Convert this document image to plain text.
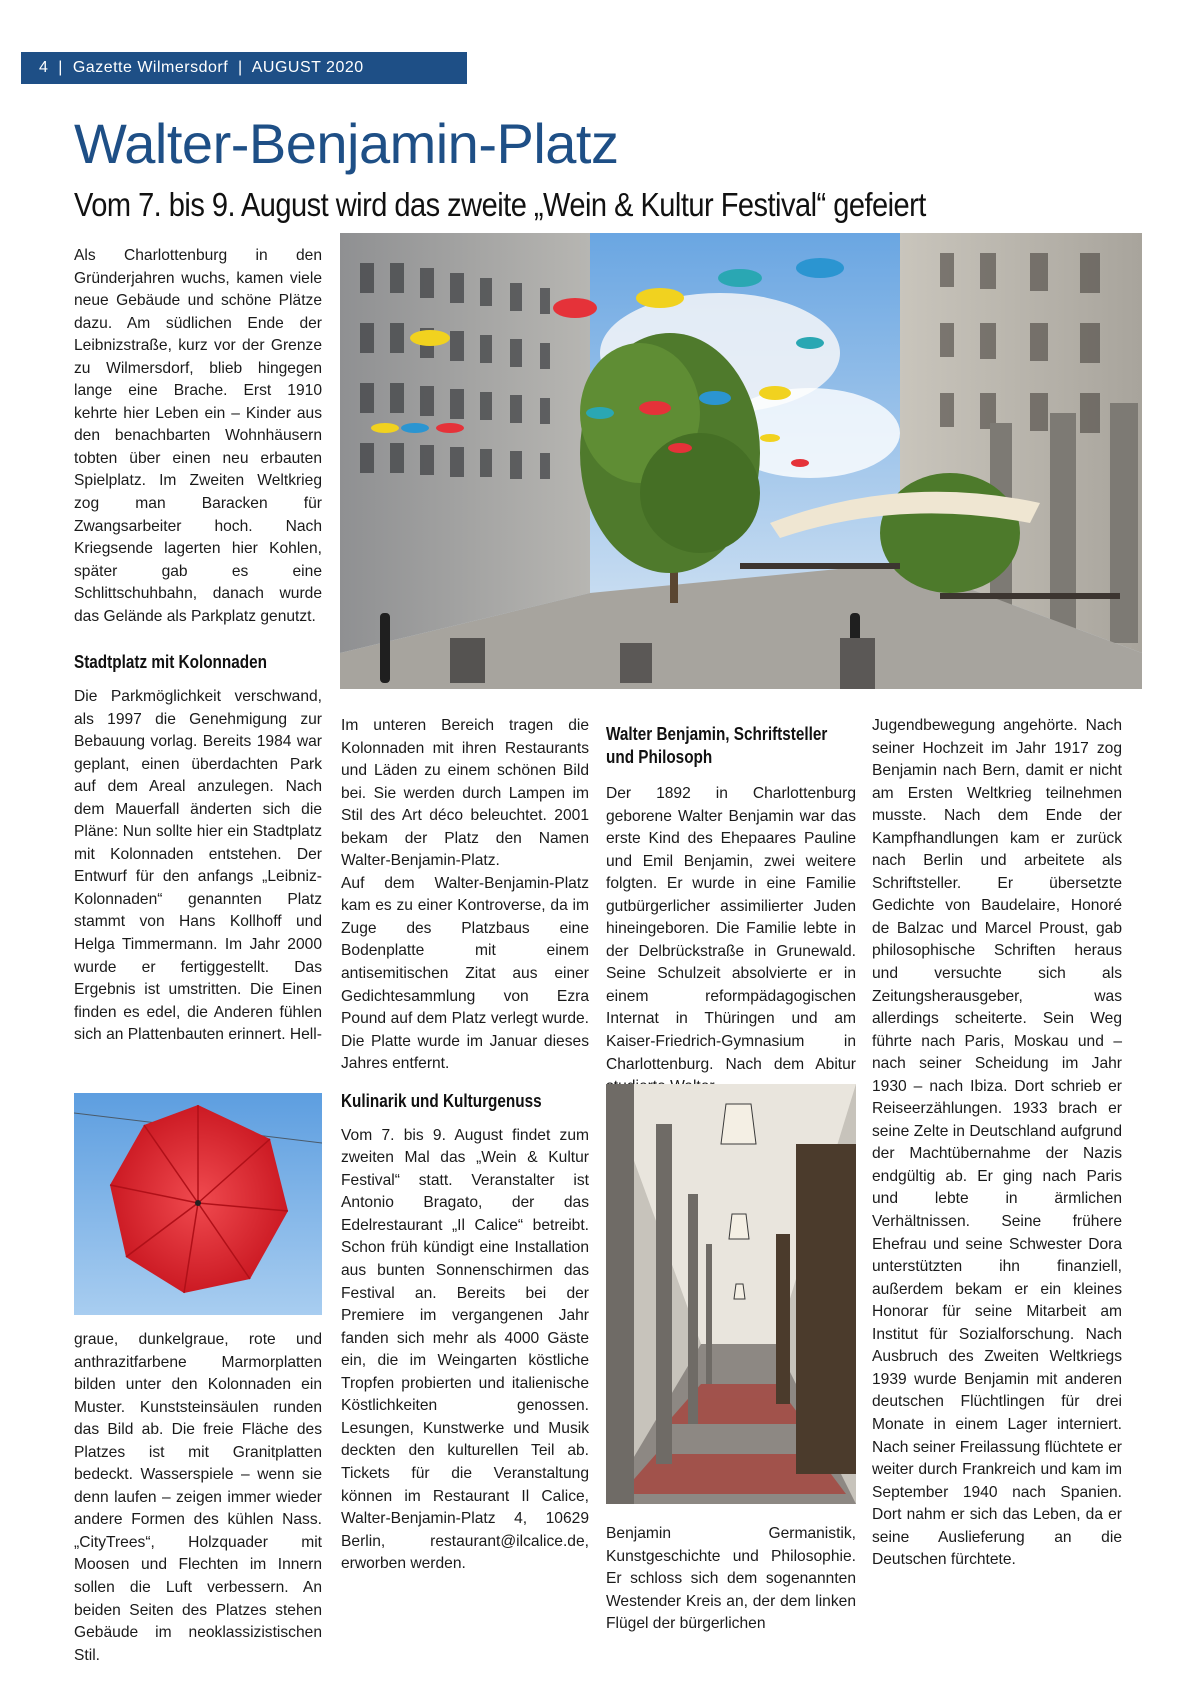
4 | Gazette Wilmersdorf | AUGUST 2020
Walter-Benjamin-Platz
Vom 7. bis 9. August wird das zweite „Wein & Kultur Festival“ gefeiert

Als Charlottenburg in den Gründerjahren wuchs, kamen viele neue Gebäude und schöne Plätze dazu. Am südlichen Ende der Leibnizstraße, kurz vor der Grenze zu Wilmersdorf, blieb hingegen lange eine Brache. Erst 1910 kehrte hier Leben ein – Kinder aus den benachbarten Wohnhäusern tobten über einen neu erbauten Spielplatz. Im Zweiten Weltkrieg zog man Baracken für Zwangsarbeiter hoch. Nach Kriegsende lagerten hier Kohlen, später gab es eine Schlittschuhbahn, danach wurde das Gelände als Parkplatz genutzt.

Stadtplatz mit Kolonnaden

Die Parkmöglichkeit verschwand, als 1997 die Genehmigung zur Bebauung vorlag. Bereits 1984 war geplant, einen überdachten Park auf dem Areal anzulegen. Nach dem Mauerfall änderten sich die Pläne: Nun sollte hier ein Stadtplatz mit Kolonnaden entstehen. Der Entwurf für den anfangs „Leibniz-Kolonnaden“ genannten Platz stammt von Hans Kollhoff und Helga Timmermann. Im Jahr 2000 wurde er fertiggestellt. Das Ergebnis ist umstritten. Die Einen finden es edel, die Anderen fühlen sich an Plattenbauten erinnert. Hell-

graue, dunkelgraue, rote und anthrazitfarbene Marmorplatten bilden unter den Kolonnaden ein Muster. Kunststeinsäulen runden das Bild ab. Die freie Fläche des Platzes ist mit Granitplatten bedeckt. Wasserspiele – wenn sie denn laufen – zeigen immer wieder andere Formen des kühlen Nass. „CityTrees“, Holzquader mit Moosen und Flechten im Innern sollen die Luft verbessern. An beiden Seiten des Platzes stehen Gebäude im neoklassizistischen Stil.

Im unteren Bereich tragen die Kolonnaden mit ihren Restaurants und Läden zu einem schönen Bild bei. Sie werden durch Lampen im Stil des Art déco beleuchtet. 2001 bekam der Platz den Namen Walter-Benjamin-Platz.

Auf dem Walter-Benjamin-Platz kam es zu einer Kontroverse, da im Zuge des Platzbaus eine Bodenplatte mit einem antisemitischen Zitat aus einer Gedichtesammlung von Ezra Pound auf dem Platz verlegt wurde. Die Platte wurde im Januar dieses Jahres entfernt.

Kulinarik und Kulturgenuss

Vom 7. bis 9. August findet zum zweiten Mal das „Wein & Kultur Festival“ statt. Veranstalter ist Antonio Bragato, der das Edelrestaurant „Il Calice“ betreibt. Schon früh kündigt eine Installation aus bunten Sonnenschirmen das Festival an. Bereits bei der Premiere im vergangenen Jahr fanden sich mehr als 4000 Gäste ein, die im Weingarten köstliche Tropfen probierten und italienische Köstlichkeiten genossen. Lesungen, Kunstwerke und Musik deckten den kulturellen Teil ab. Tickets für die Veranstaltung können im Restaurant Il Calice, Walter-Benjamin-Platz 4, 10629 Berlin, restaurant@ilcalice.de, erworben werden.

Walter Benjamin, Schriftsteller
und Philosoph

Der 1892 in Charlottenburg geborene Walter Benjamin war das erste Kind des Ehepaares Pauline und Emil Benjamin, zwei weitere folgten. Er wurde in eine Familie gutbürgerlicher assimilierter Juden hineingeboren. Die Familie lebte in der Delbrückstraße in Grunewald. Seine Schulzeit absolvierte er in einem reformpädagogischen Internat in Thüringen und am Kaiser-Friedrich-Gymnasium in Charlottenburg. Nach dem Abitur

Benjamin Germanistik, Kunstgeschichte und Philosophie. Er schloss sich dem sogenannten Westender Kreis an, der dem linken Flügel der bürgerlichen

Jugendbewegung angehörte. Nach seiner Hochzeit im Jahr 1917 zog Benjamin nach Bern, damit er nicht am Ersten Weltkrieg teilnehmen musste. Nach dem Ende der Kampfhandlungen kam er zurück nach Berlin und arbeitete als Schriftsteller. Er übersetzte Gedichte von Baudelaire, Honoré de Balzac und Marcel Proust, gab philosophische Schriften heraus und versuchte sich als Zeitungsherausgeber, was allerdings scheiterte. Sein Weg führte nach Paris, Moskau und – nach seiner Scheidung im Jahr 1930 – nach Ibiza. Dort schrieb er Reiseerzählungen. 1933 brach er seine Zelte in Deutschland aufgrund der Machtübernahme der Nazis endgültig ab. Er ging nach Paris und lebte in ärmlichen Verhältnissen. Seine frühere Ehefrau und seine Schwester Dora unterstützten ihn finanziell, außerdem bekam er ein kleines Honorar für seine Mitarbeit am Institut für Sozialforschung. Nach Ausbruch des Zweiten Weltkriegs 1939 wurde Benjamin mit anderen deutschen Flüchtlingen für drei Monate in einem Lager interniert. Nach seiner Freilassung flüchtete er weiter durch Frankreich und kam im September 1940 nach Spanien. Dort nahm er sich das Leben, da er seine Auslieferung an die Deutschen fürchtete.
